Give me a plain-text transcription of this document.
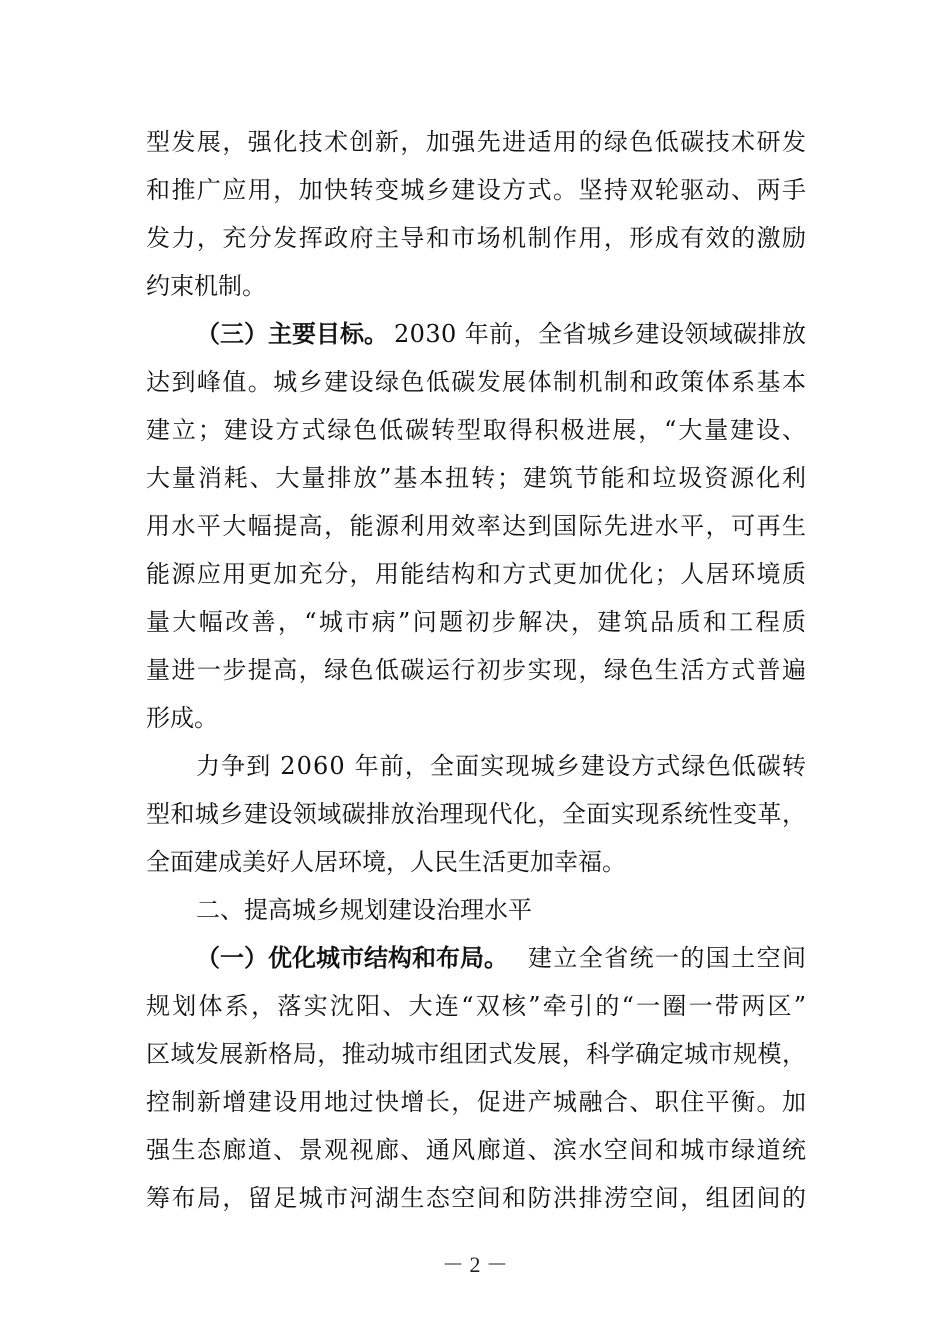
型发展，强化技术创新，加强先进适用的绿色低碳技术研发
和推广应用，加快转变城乡建设方式。坚持双轮驱动、两手
发力，充分发挥政府主导和市场机制作用，形成有效的激励
约束机制。
（三）主要目标。 2030 年前，全省城乡建设领域碳排放
达到峰值。城乡建设绿色低碳发展体制机制和政策体系基本
建立；建设方式绿色低碳转型取得积极进展，“大量建设、
大量消耗、大量排放”基本扭转；建筑节能和垃圾资源化利
用水平大幅提高，能源利用效率达到国际先进水平，可再生
能源应用更加充分，用能结构和方式更加优化；人居环境质
量大幅改善，“城市病”问题初步解决，建筑品质和工程质
量进一步提高，绿色低碳运行初步实现，绿色生活方式普遍
形成。
力争到 2060 年前，全面实现城乡建设方式绿色低碳转
型和城乡建设领域碳排放治理现代化，全面实现系统性变革，
全面建成美好人居环境，人民生活更加幸福。
二、提高城乡规划建设治理水平
（一）优化城市结构和布局。 建立全省统一的国土空间
规划体系，落实沈阳、大连“双核”牵引的“一圈一带两区”
区域发展新格局，推动城市组团式发展，科学确定城市规模，
控制新增建设用地过快增长，促进产城融合、职住平衡。加
强生态廊道、景观视廊、通风廊道、滨水空间和城市绿道统
筹布局，留足城市河湖生态空间和防洪排涝空间，组团间的
－ 2 －
